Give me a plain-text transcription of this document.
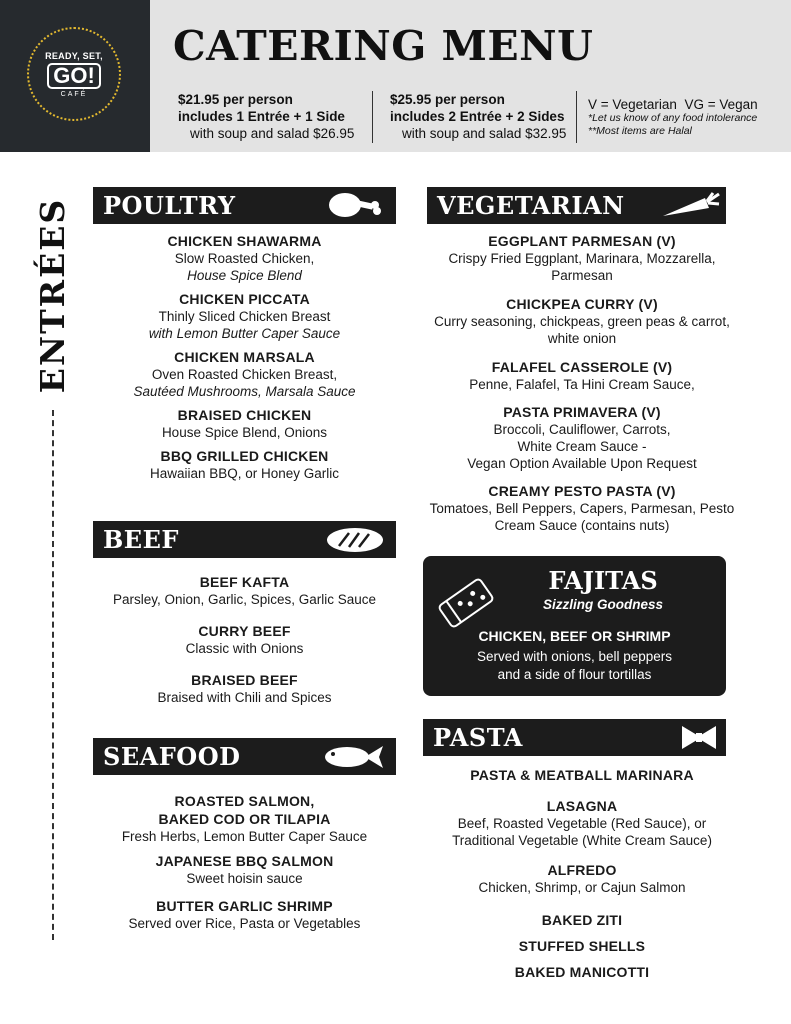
READY, SET,
GO!
CAFÉ
CATERING MENU
$21.95 per person
includes 1 Entrée + 1 Side
with soup and salad $26.95
$25.95 per person
includes 2 Entrée + 2 Sides
with soup and salad $32.95
V = Vegetarian  VG = Vegan
*Let us know of any food intolerance
**Most items are Halal
ENTRÉES POULTRY
CHICKEN SHAWARMA
Slow Roasted Chicken,
House Spice Blend
CHICKEN PICCATA
Thinly Sliced Chicken Breast
with Lemon Butter Caper Sauce
CHICKEN MARSALA
Oven Roasted Chicken Breast,
Sautéed Mushrooms, Marsala Sauce
BRAISED CHICKEN
House Spice Blend, Onions
BBQ GRILLED CHICKEN
Hawaiian BBQ, or Honey Garlic
BEEF
BEEF KAFTA
Parsley, Onion, Garlic, Spices, Garlic Sauce
CURRY BEEF
Classic with Onions
BRAISED BEEF
Braised with Chili and Spices
SEAFOOD
ROASTED SALMON,
BAKED COD OR TILAPIA
Fresh Herbs, Lemon Butter Caper Sauce
JAPANESE BBQ SALMON
Sweet hoisin sauce
BUTTER GARLIC SHRIMP
Served over Rice, Pasta or Vegetables
VEGETARIAN
EGGPLANT PARMESAN (V)
Crispy Fried Eggplant, Marinara, Mozzarella,
Parmesan
CHICKPEA CURRY (V)
Curry seasoning, chickpeas, green peas & carrot,
white onion
FALAFEL CASSEROLE (V)
Penne, Falafel, Ta Hini Cream Sauce,
PASTA PRIMAVERA (V)
Broccoli, Cauliflower, Carrots,
White Cream Sauce -
Vegan Option Available Upon Request
CREAMY PESTO PASTA (V)
Tomatoes, Bell Peppers, Capers, Parmesan, Pesto
Cream Sauce (contains nuts)
FAJITAS
Sizzling Goodness
CHICKEN, BEEF OR SHRIMP
Served with onions, bell peppers
and a side of flour tortillas
PASTA
PASTA & MEATBALL MARINARA
LASAGNA
Beef, Roasted Vegetable (Red Sauce), or
Traditional Vegetable (White Cream Sauce)
ALFREDO
Chicken, Shrimp, or Cajun Salmon
BAKED ZITI
STUFFED SHELLS
BAKED MANICOTTI
